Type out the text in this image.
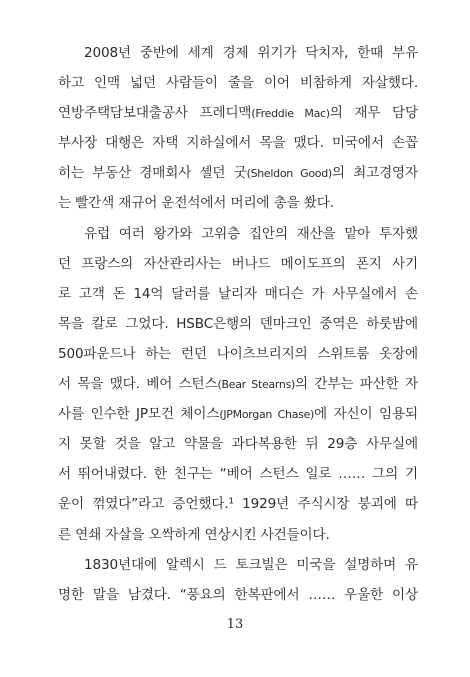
2008년 중반에 세계 경제 위기가 닥치자, 한때 부유
하고 인맥 넓던 사람들이 줄을 이어 비참하게 자살했다.
연방주택담보대출공사 프레디맥(Freddie Mac)의 재무 담당
부사장 대행은 자택 지하실에서 목을 맸다. 미국에서 손꼽
히는 부동산 경매회사 셸던 굿(Sheldon Good)의 최고경영자
는 빨간색 재규어 운전석에서 머리에 총을 쐈다.
유럽 여러 왕가와 고위층 집안의 재산을 맡아 투자했
던 프랑스의 자산관리사는 버나드 메이도프의 폰지 사기
로 고객 돈 14억 달러를 날리자 매디슨 가 사무실에서 손
목을 칼로 그었다. HSBC은행의 덴마크인 중역은 하룻밤에
500파운드나 하는 런던 나이츠브리지의 스위트룸 옷장에
서 목을 맸다. 베어 스턴스(Bear Stearns)의 간부는 파산한 자
사를 인수한 JP모건 체이스(JPMorgan Chase)에 자신이 임용되
지 못할 것을 알고 약물을 과다복용한 뒤 29층 사무실에
서 뛰어내렸다. 한 친구는 “베어 스턴스 일로 …… 그의 기
운이 꺾였다”라고 증언했다.¹ 1929년 주식시장 붕괴에 따
른 연쇄 자살을 오싹하게 연상시킨 사건들이다.
1830년대에 알렉시 드 토크빌은 미국을 설명하며 유
명한 말을 남겼다. “풍요의 한복판에서 …… 우울한 이상
13
